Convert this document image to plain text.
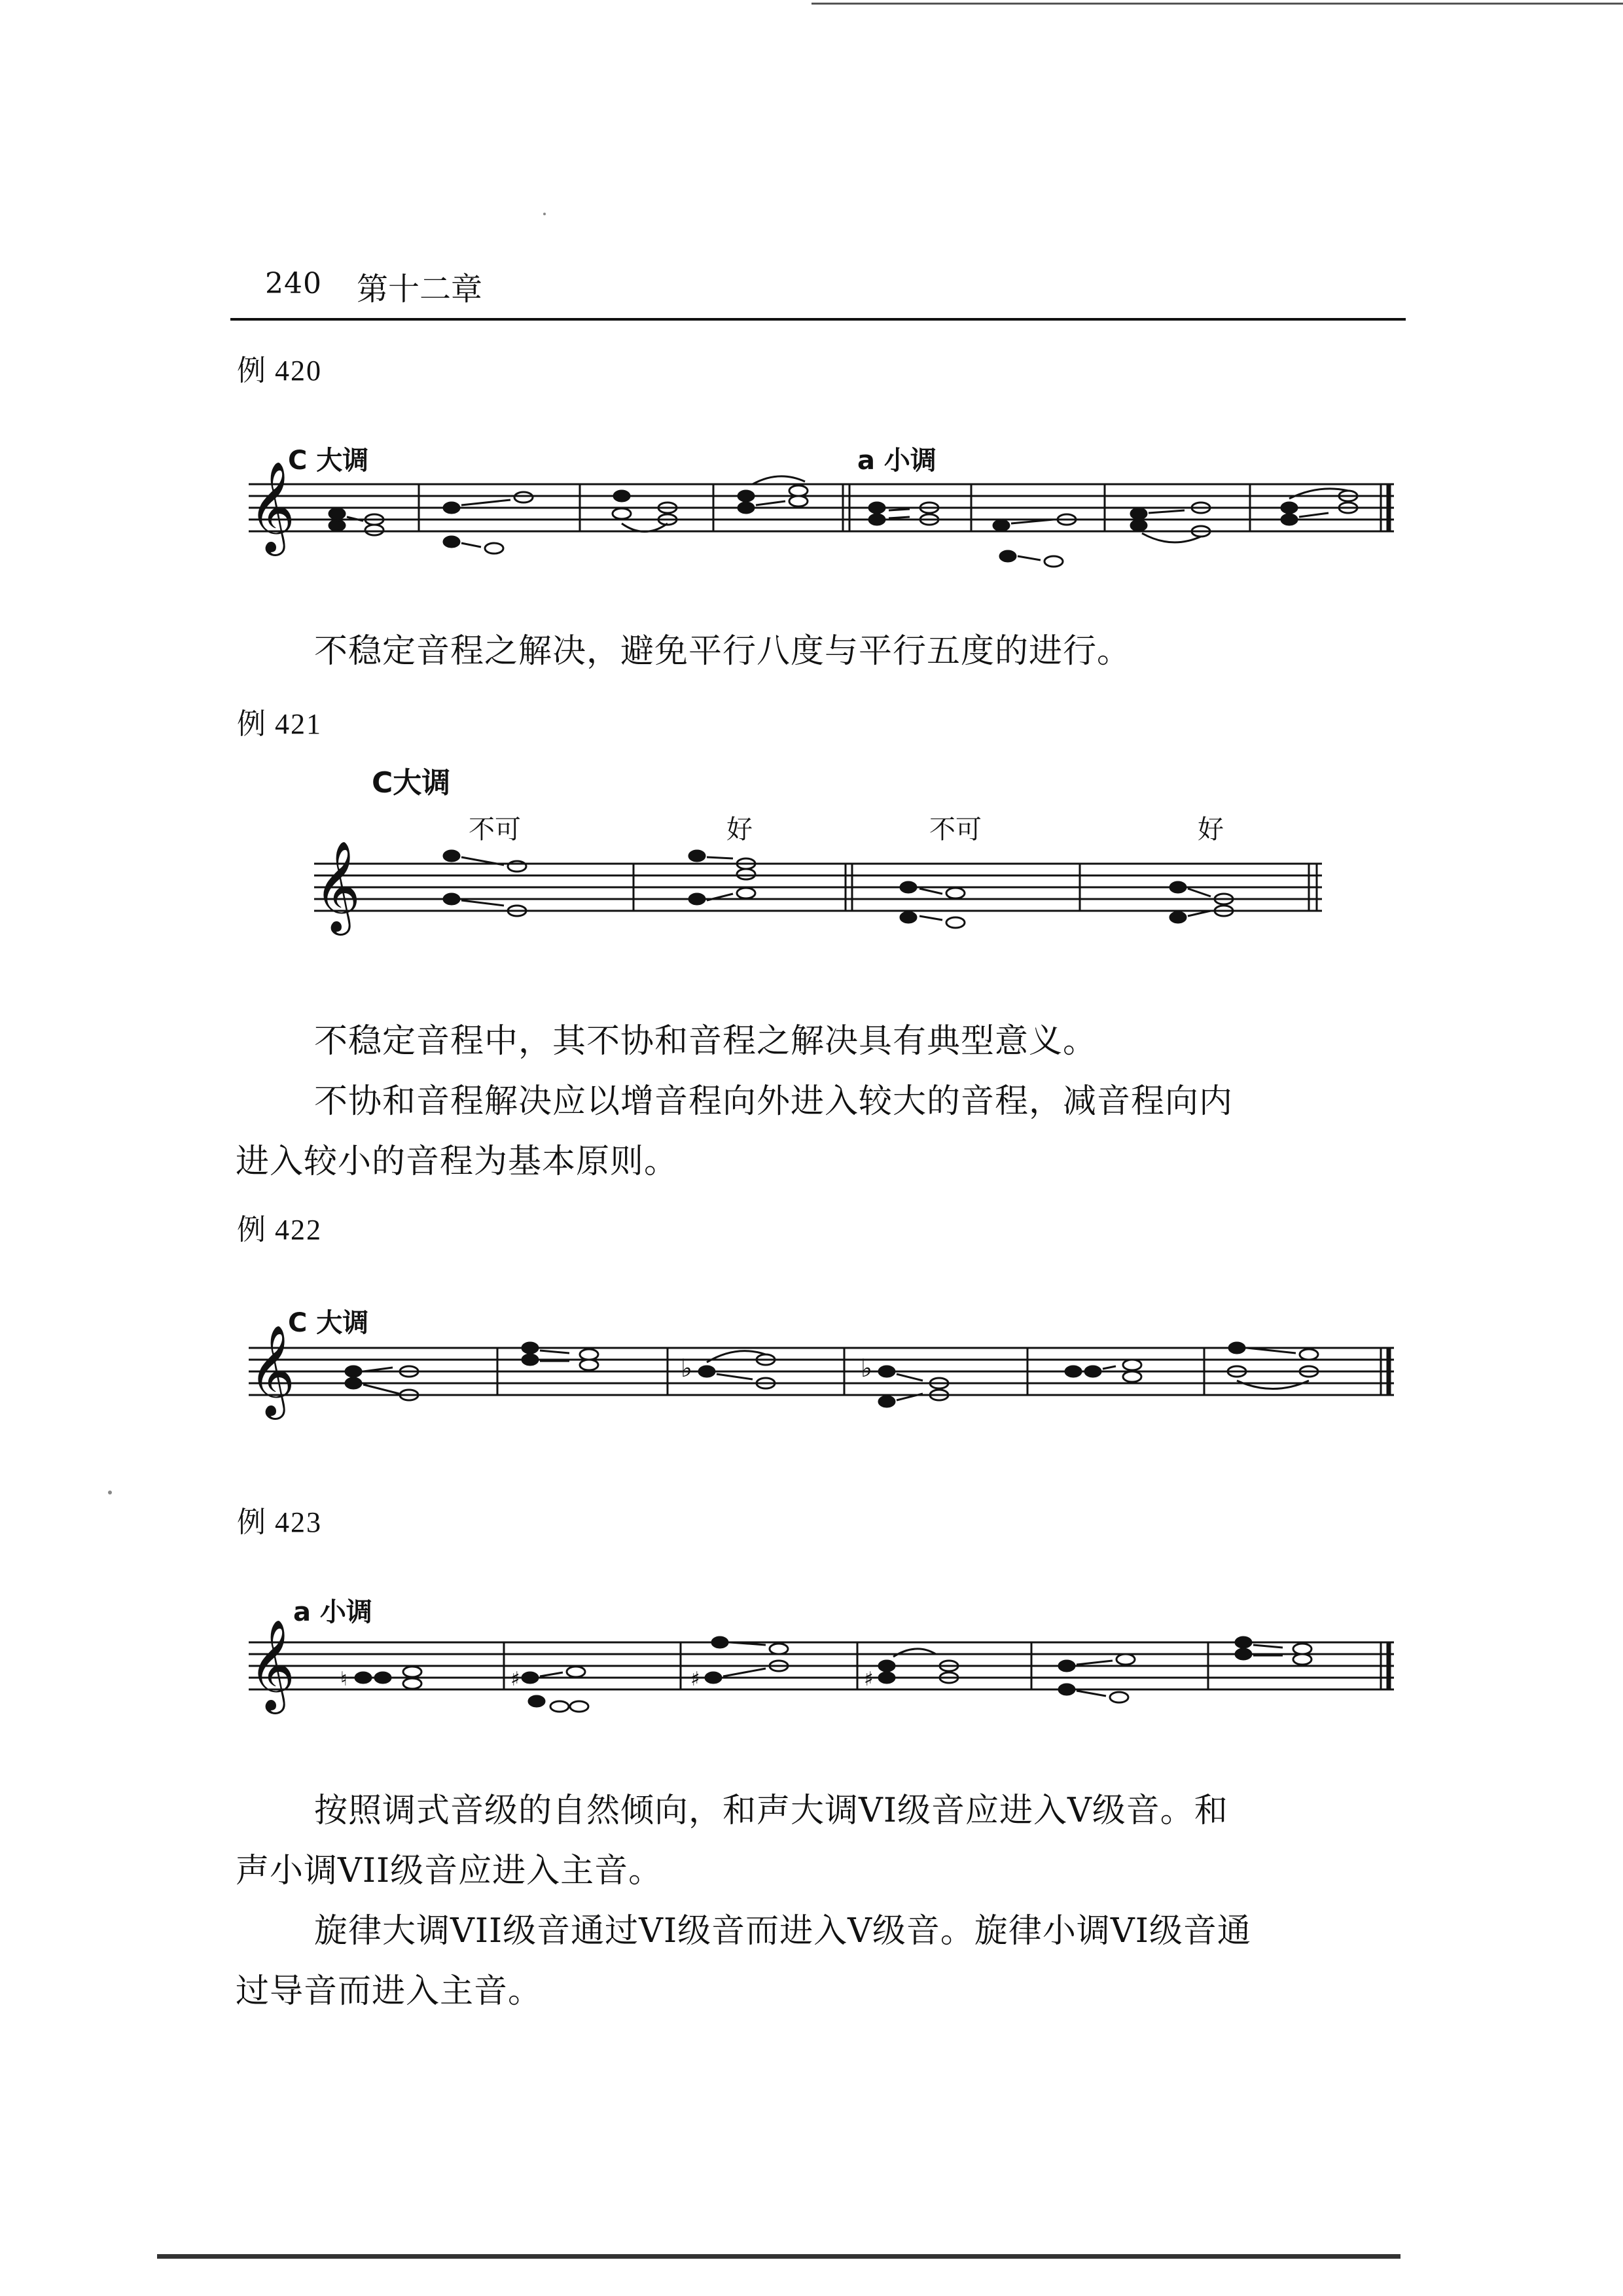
240 第十二章
例 420
C 大调	a 小调
𝄞
不稳定音程之解决，避免平行八度与平行五度的进行。
例 421
C大调
不可	好	不可	好
𝄞
不稳定音程中，其不协和音程之解决具有典型意义。
不协和音程解决应以增音程向外进入较大的音程，减音程向内
进入较小的音程为基本原则。
例 422
C 大调
𝄞	♭	♭
例 423
a 小调
𝄞 ♮	♯	♯	♯
按照调式音级的自然倾向，和声大调VI级音应进入V级音。和
声小调VII级音应进入主音。
旋律大调VII级音通过VI级音而进入V级音。旋律小调VI级音通
过导音而进入主音。
